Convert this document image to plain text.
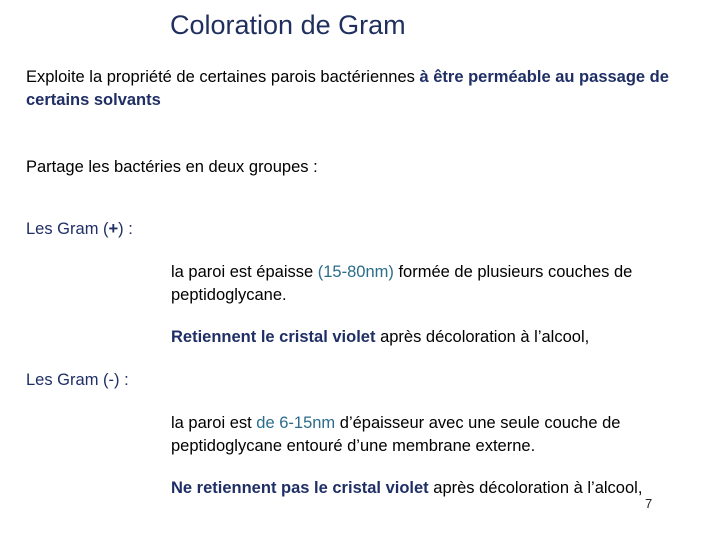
Coloration de Gram
Exploite la propriété de certaines parois bactériennes à être perméable au passage de certains solvants
Partage les bactéries en deux groupes :
Les Gram (+) :
la paroi est épaisse (15-80nm) formée de plusieurs couches de peptidoglycane.
Retiennent le cristal violet après décoloration à l’alcool,
Les Gram (-) :
la paroi est de 6-15nm d’épaisseur avec une seule couche de peptidoglycane entouré d’une membrane externe.
Ne retiennent pas le cristal violet après décoloration à l’alcool,
7
